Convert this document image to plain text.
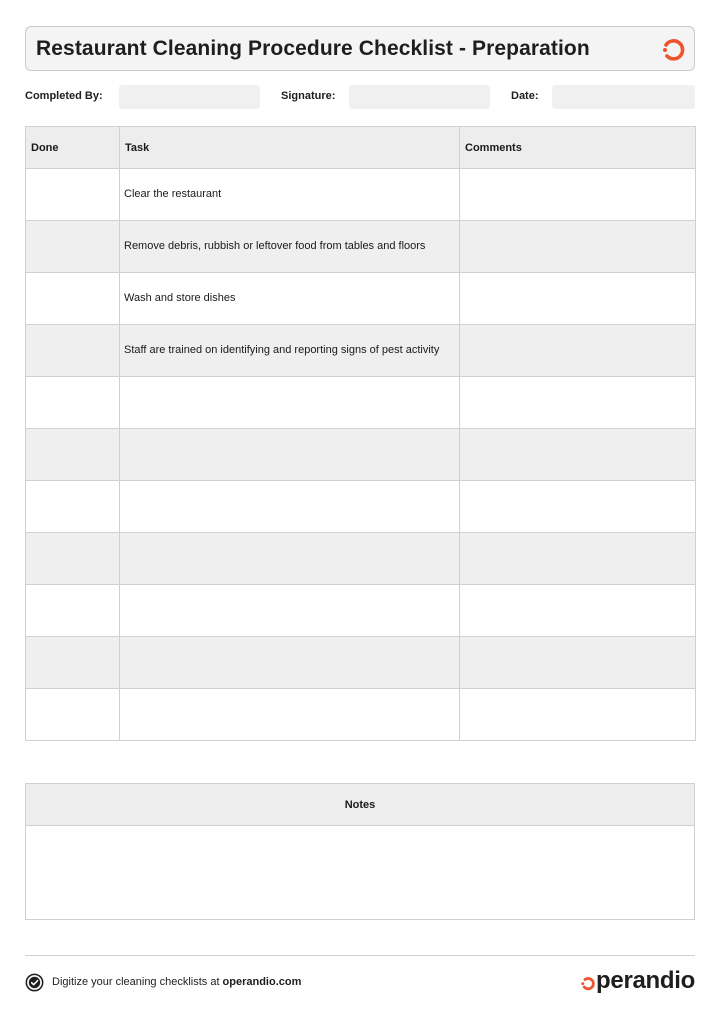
Restaurant Cleaning Procedure Checklist - Preparation
Completed By:	Signature:	Date:
Done	Task	Comments
	Clear the restaurant	
	Remove debris, rubbish or leftover food from tables and floors	
	Wash and store dishes	
	Staff are trained on identifying and reporting signs of pest activity	

Notes

Digitize your cleaning checklists at operandio.com	perandio
